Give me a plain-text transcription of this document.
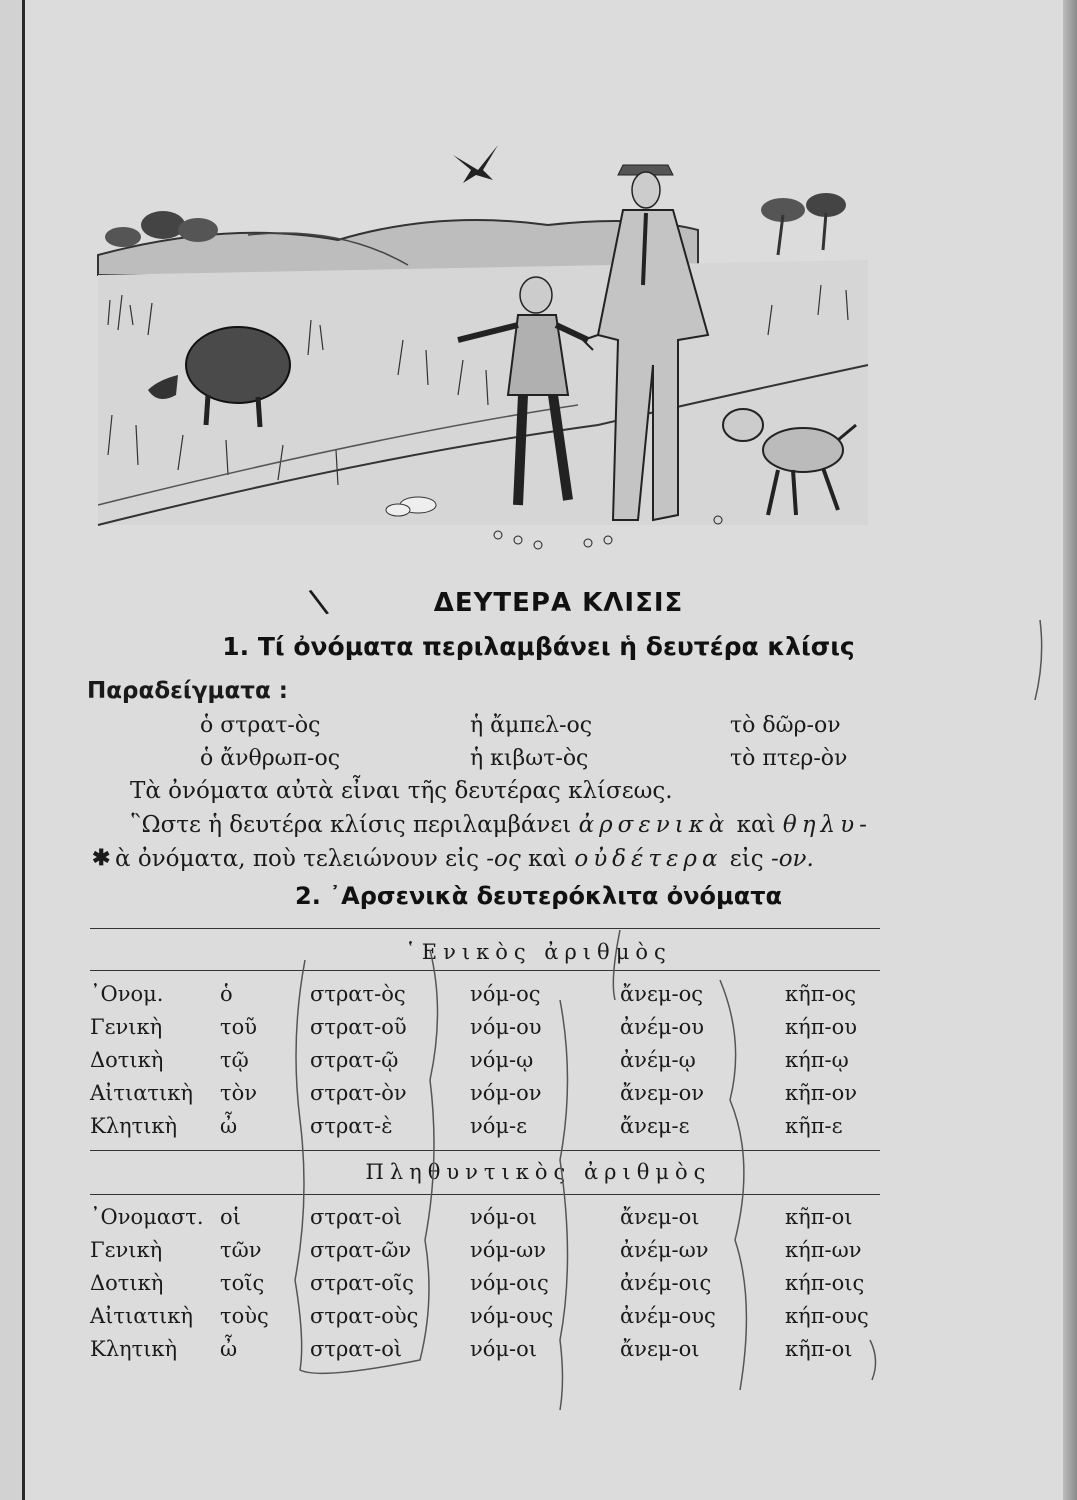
\	ΔΕΥΤΕΡΑ ΚΛΙΣΙΣ
1. Τί ὀνόματα περιλαμβάνει ἡ δευτέρα κλίσις
Παραδείγματα :
ὁ στρατ-ὸς	ἡ ἄμπελ-ος	τὸ δῶρ-ον
ὁ ἄνθρωπ-ος	ἡ κιβωτ-ὸς	τὸ πτερ-ὸν
Τὰ ὀνόματα αὐτὰ εἶναι τῆς δευτέρας κλίσεως.
῝Ωστε ἡ δευτέρα κλίσις περιλαμβάνει ἀρσενικὰ καὶ θηλυ-
✱ ὰ ὀνόματα, ποὺ τελειώνουν εἰς -ος καὶ οὐδέτερα εἰς -ον.
2. ᾿Αρσενικὰ δευτερόκλιτα ὀνόματα
῾Ενικὸς ἀριθμὸς
᾿Ονομ.	ὁ	στρατ-ὸς	νόμ-ος	ἄνεμ-ος	κῆπ-ος
Γενικὴ	τοῦ	στρατ-οῦ	νόμ-ου	ἀνέμ-ου	κήπ-ου
Δοτικὴ	τῷ	στρατ-ῷ	νόμ-ῳ	ἀνέμ-ῳ	κήπ-ῳ
Αἰτιατικὴ τὸν	στρατ-ὸν	νόμ-ον	ἄνεμ-ον	κῆπ-ον
Κλητικὴ ὦ	στρατ-ὲ	νόμ-ε	ἄνεμ-ε	κῆπ-ε
Πληθυντικὸς ἀριθμὸς
᾿Ονομαστ. οἱ	στρατ-οὶ	νόμ-οι	ἄνεμ-οι	κῆπ-οι
Γενικὴ	τῶν στρατ-ῶν	νόμ-ων	ἀνέμ-ων	κήπ-ων
Δοτικὴ	τοῖς στρατ-οῖς	νόμ-οις	ἀνέμ-οις	κήπ-οις
Αἰτιατικὴ τοὺς στρατ-οὺς νόμ-ους	ἀνέμ-ους	κήπ-ους
Κλητικὴ ὦ	στρατ-οὶ	νόμ-οι	ἄνεμ-οι	κῆπ-οι
